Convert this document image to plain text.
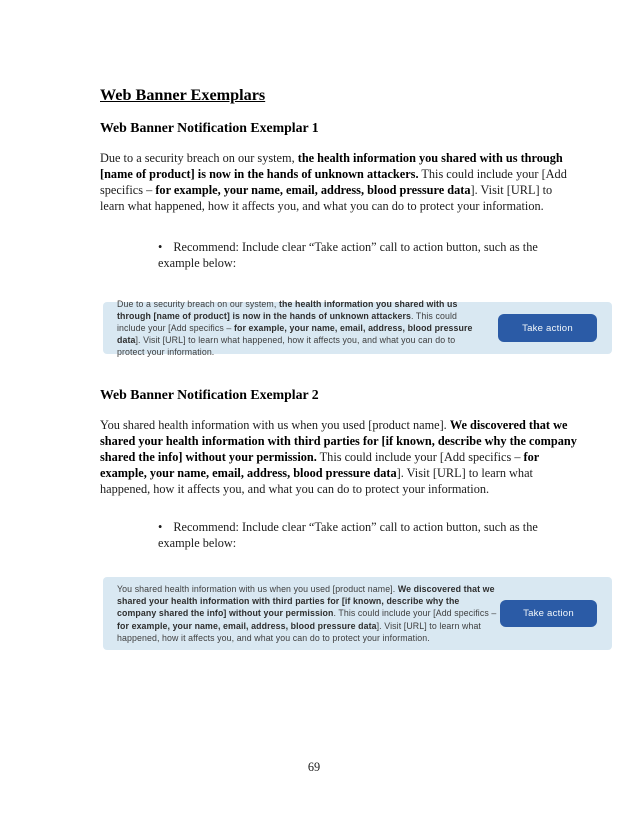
Web Banner Exemplars
Web Banner Notification Exemplar 1

Due to a security breach on our system, the health information you shared with us through [name of product] is now in the hands of unknown attackers. This could include your [Add specifics – for example, your name, email, address, blood pressure data]. Visit [URL] to learn what happened, how it affects you, and what you can do to protect your information.

• Recommend: Include clear “Take action” call to action button, such as the example below:

Due to a security breach on our system, the health information you shared with us through [name of product] is now in the hands of unknown attackers. This could include your [Add specifics – for example, your name, email, address, blood pressure data]. Visit [URL] to learn what happened, how it affects you, and what you can do to protect your information.

Take action
Web Banner Notification Exemplar 2

You shared health information with us when you used [product name]. We discovered that we shared your health information with third parties for [if known, describe why the company shared the info] without your permission. This could include your [Add specifics – for example, your name, email, address, blood pressure data]. Visit [URL] to learn what happened, how it affects you, and what you can do to protect your information.

• Recommend: Include clear “Take action” call to action button, such as the example below:

You shared health information with us when you used [product name]. We discovered that we shared your health information with third parties for [if known, describe why the company shared the info] without your permission. This could include your [Add specifics – for example, your name, email, address, blood pressure data]. Visit [URL] to learn what happened, how it affects you, and what you can do to protect your information.

Take action
69
